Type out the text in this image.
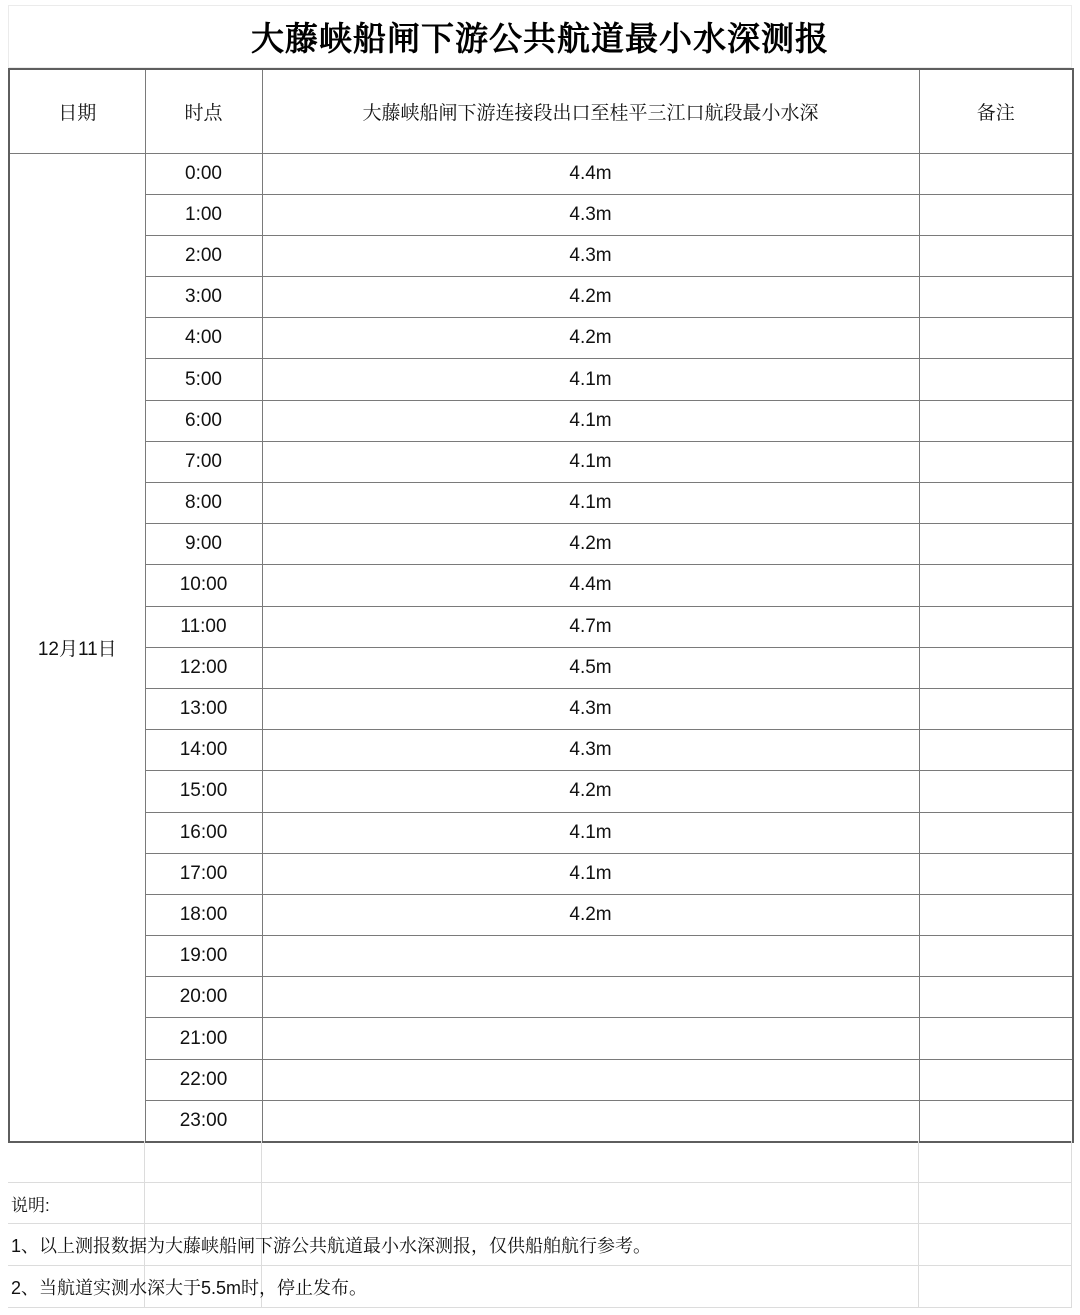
大藤峡船闸下游公共航道最小水深测报
日期	时点	大藤峡船闸下游连接段出口至桂平三江口航段最小水深	备注
12月11日	0:00	4.4m	
	1:00	4.3m	
	2:00	4.3m	
	3:00	4.2m	
	4:00	4.2m	
	5:00	4.1m	
	6:00	4.1m	
	7:00	4.1m	
	8:00	4.1m	
	9:00	4.2m	
	10:00	4.4m	
	11:00	4.7m	
	12:00	4.5m	
	13:00	4.3m	
	14:00	4.3m	
	15:00	4.2m	
	16:00	4.1m	
	17:00	4.1m	
	18:00	4.2m	
	19:00		
	20:00		
	21:00		
	22:00		
	23:00		
说明:
1、以上测报数据为大藤峡船闸下游公共航道最小水深测报，仅供船舶航行参考。
2、当航道实测水深大于5.5m时，停止发布。
